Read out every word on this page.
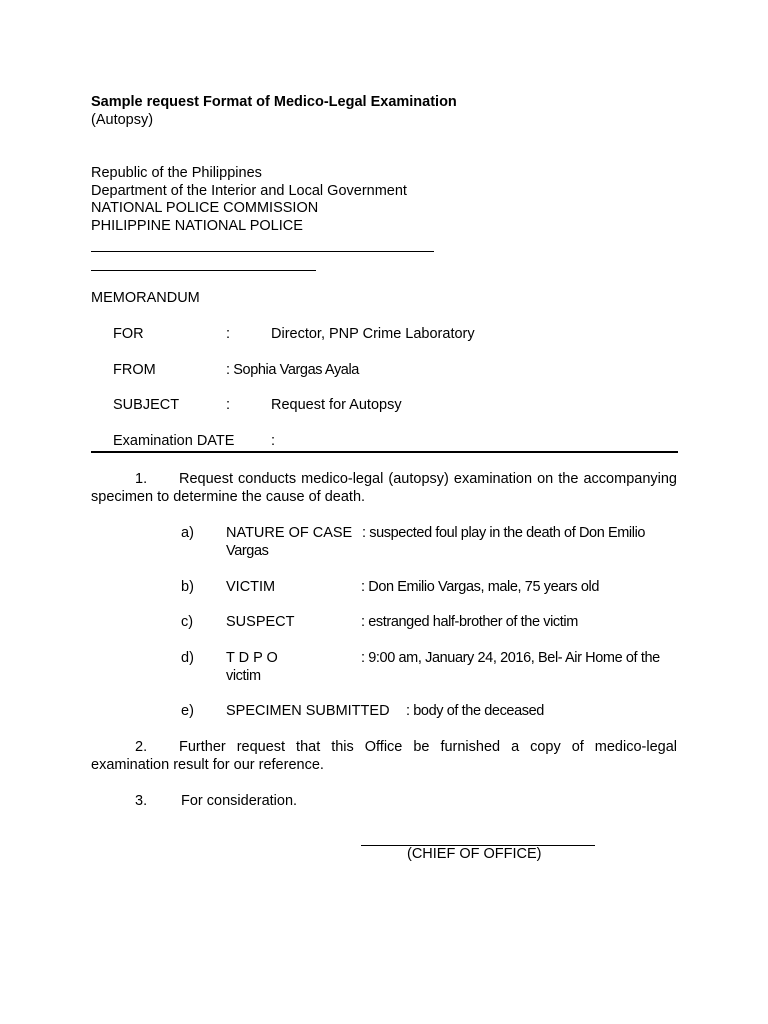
Sample request Format of Medico-Legal Examination
(Autopsy)
Republic of the Philippines
Department of the Interior and Local Government
NATIONAL POLICE COMMISSION
PHILIPPINE NATIONAL POLICE
MEMORANDUM
FOR	:	Director, PNP Crime Laboratory
FROM	: Sophia Vargas Ayala
SUBJECT	:	Request for Autopsy
Examination DATE	:
1. Request conducts medico-legal (autopsy) examination on the accompanying specimen to determine the cause of death.
a) NATURE OF CASE : suspected foul play in the death of Don Emilio
Vargas
b) VICTIM	: Don Emilio Vargas, male, 75 years old
c) SUSPECT	: estranged half-brother of the victim
d) T D P O	: 9:00 am, January 24, 2016, Bel- Air Home of the
victim
e) SPECIMEN SUBMITTED : body of the deceased
2. Further request that this Office be furnished a copy of medico-legal examination result for our reference.
3. For consideration.
(CHIEF OF OFFICE)
